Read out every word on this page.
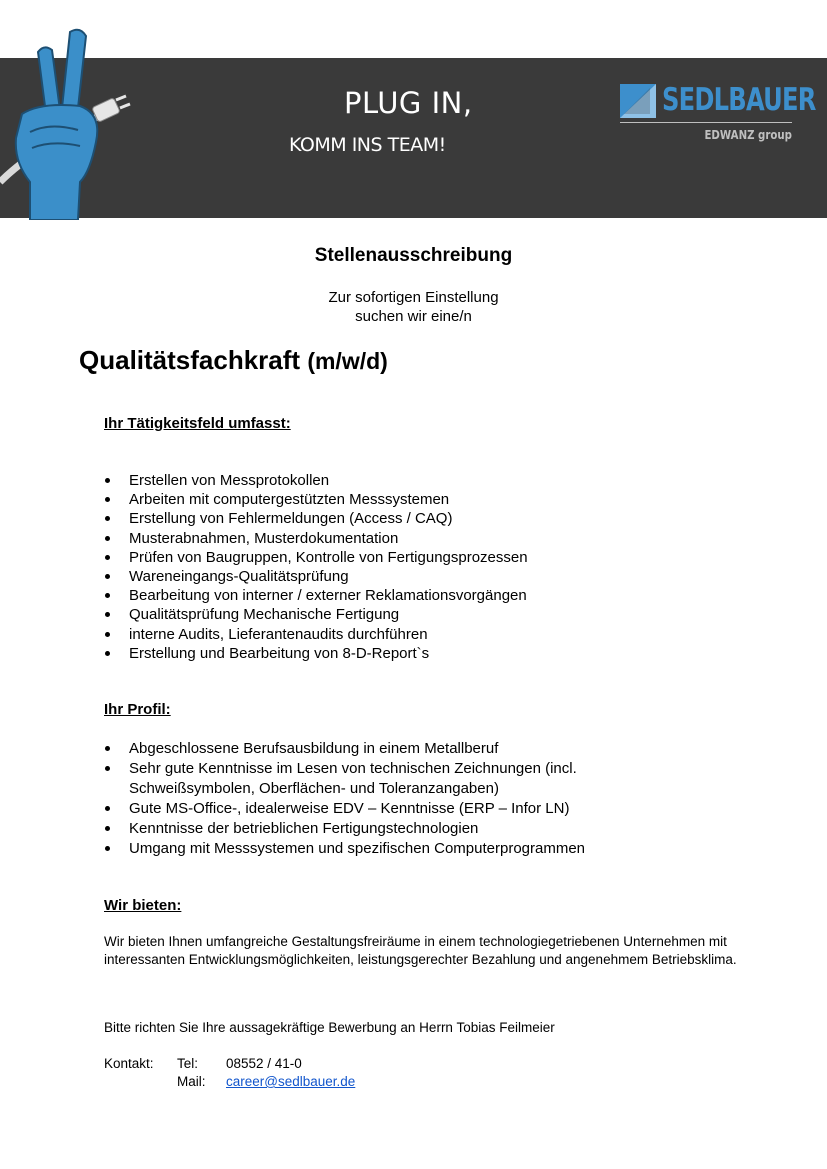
PLUG IN,
KOMM INS TEAM!
SEDLBAUER
EDWANZ group
Stellenausschreibung
Zur sofortigen Einstellung
suchen wir eine/n
Qualitätsfachkraft (m/w/d)
Ihr Tätigkeitsfeld umfasst:
Erstellen von Messprotokollen
Arbeiten mit computergestützten Messsystemen
Erstellung von Fehlermeldungen (Access / CAQ)
Musterabnahmen, Musterdokumentation
Prüfen von Baugruppen, Kontrolle von Fertigungsprozessen
Wareneingangs-Qualitätsprüfung
Bearbeitung von interner / externer Reklamationsvorgängen
Qualitätsprüfung Mechanische Fertigung
interne Audits, Lieferantenaudits durchführen
Erstellung und Bearbeitung von 8-D-Report`s
Ihr Profil:
Abgeschlossene Berufsausbildung in einem Metallberuf
Sehr gute Kenntnisse im Lesen von technischen Zeichnungen (incl. Schweißsymbolen, Oberflächen- und Toleranzangaben)
Gute MS-Office-, idealerweise EDV – Kenntnisse (ERP – Infor LN)
Kenntnisse der betrieblichen Fertigungstechnologien
Umgang mit Messsystemen und spezifischen Computerprogrammen
Wir bieten:
Wir bieten Ihnen umfangreiche Gestaltungsfreiräume in einem technologiegetriebenen Unternehmen mit interessanten Entwicklungsmöglichkeiten, leistungsgerechter Bezahlung und angenehmem Betriebsklima.
Bitte richten Sie Ihre aussagekräftige Bewerbung an Herrn Tobias Feilmeier
Kontakt: Tel: 08552 / 41-0
Mail: career@sedlbauer.de
